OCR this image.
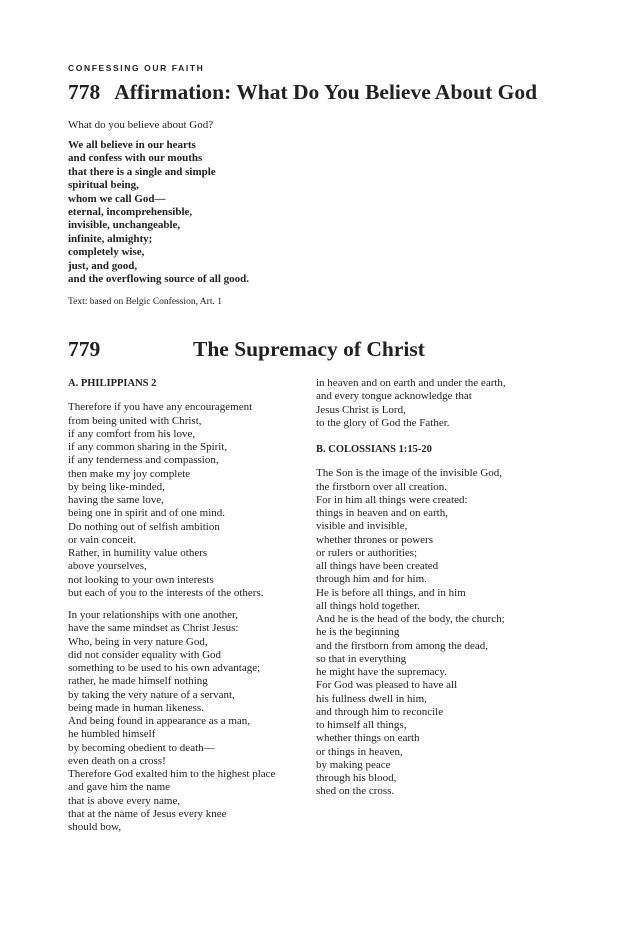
CONFESSING OUR FAITH
778 Affirmation: What Do You Believe About God
What do you believe about God?
We all believe in our hearts
and confess with our mouths
that there is a single and simple
spiritual being,
whom we call God—
eternal, incomprehensible,
invisible, unchangeable,
infinite, almighty;
completely wise,
just, and good,
and the overflowing source of all good.
Text: based on Belgic Confession, Art. 1
779	The Supremacy of Christ
A. PHILIPPIANS 2
Therefore if you have any encouragement
from being united with Christ,
if any comfort from his love,
if any common sharing in the Spirit,
if any tenderness and compassion,
then make my joy complete
by being like-minded,
having the same love,
being one in spirit and of one mind.
Do nothing out of selfish ambition
or vain conceit.
Rather, in humility value others
above yourselves,
not looking to your own interests
but each of you to the interests of the others.
In your relationships with one another,
have the same mindset as Christ Jesus:
Who, being in very nature God,
did not consider equality with God
something to be used to his own advantage;
rather, he made himself nothing
by taking the very nature of a servant,
being made in human likeness.
And being found in appearance as a man,
he humbled himself
by becoming obedient to death—
even death on a cross!
Therefore God exalted him to the highest place
and gave him the name
that is above every name,
that at the name of Jesus every knee
should bow,
in heaven and on earth and under the earth,
and every tongue acknowledge that
Jesus Christ is Lord,
to the glory of God the Father.
B. COLOSSIANS 1:15-20
The Son is the image of the invisible God,
the firstborn over all creation.
For in him all things were created:
things in heaven and on earth,
visible and invisible,
whether thrones or powers
or rulers or authorities;
all things have been created
through him and for him.
He is before all things, and in him
all things hold together.
And he is the head of the body, the church;
he is the beginning
and the firstborn from among the dead,
so that in everything
he might have the supremacy.
For God was pleased to have all
his fullness dwell in him,
and through him to reconcile
to himself all things,
whether things on earth
or things in heaven,
by making peace
through his blood,
shed on the cross.
